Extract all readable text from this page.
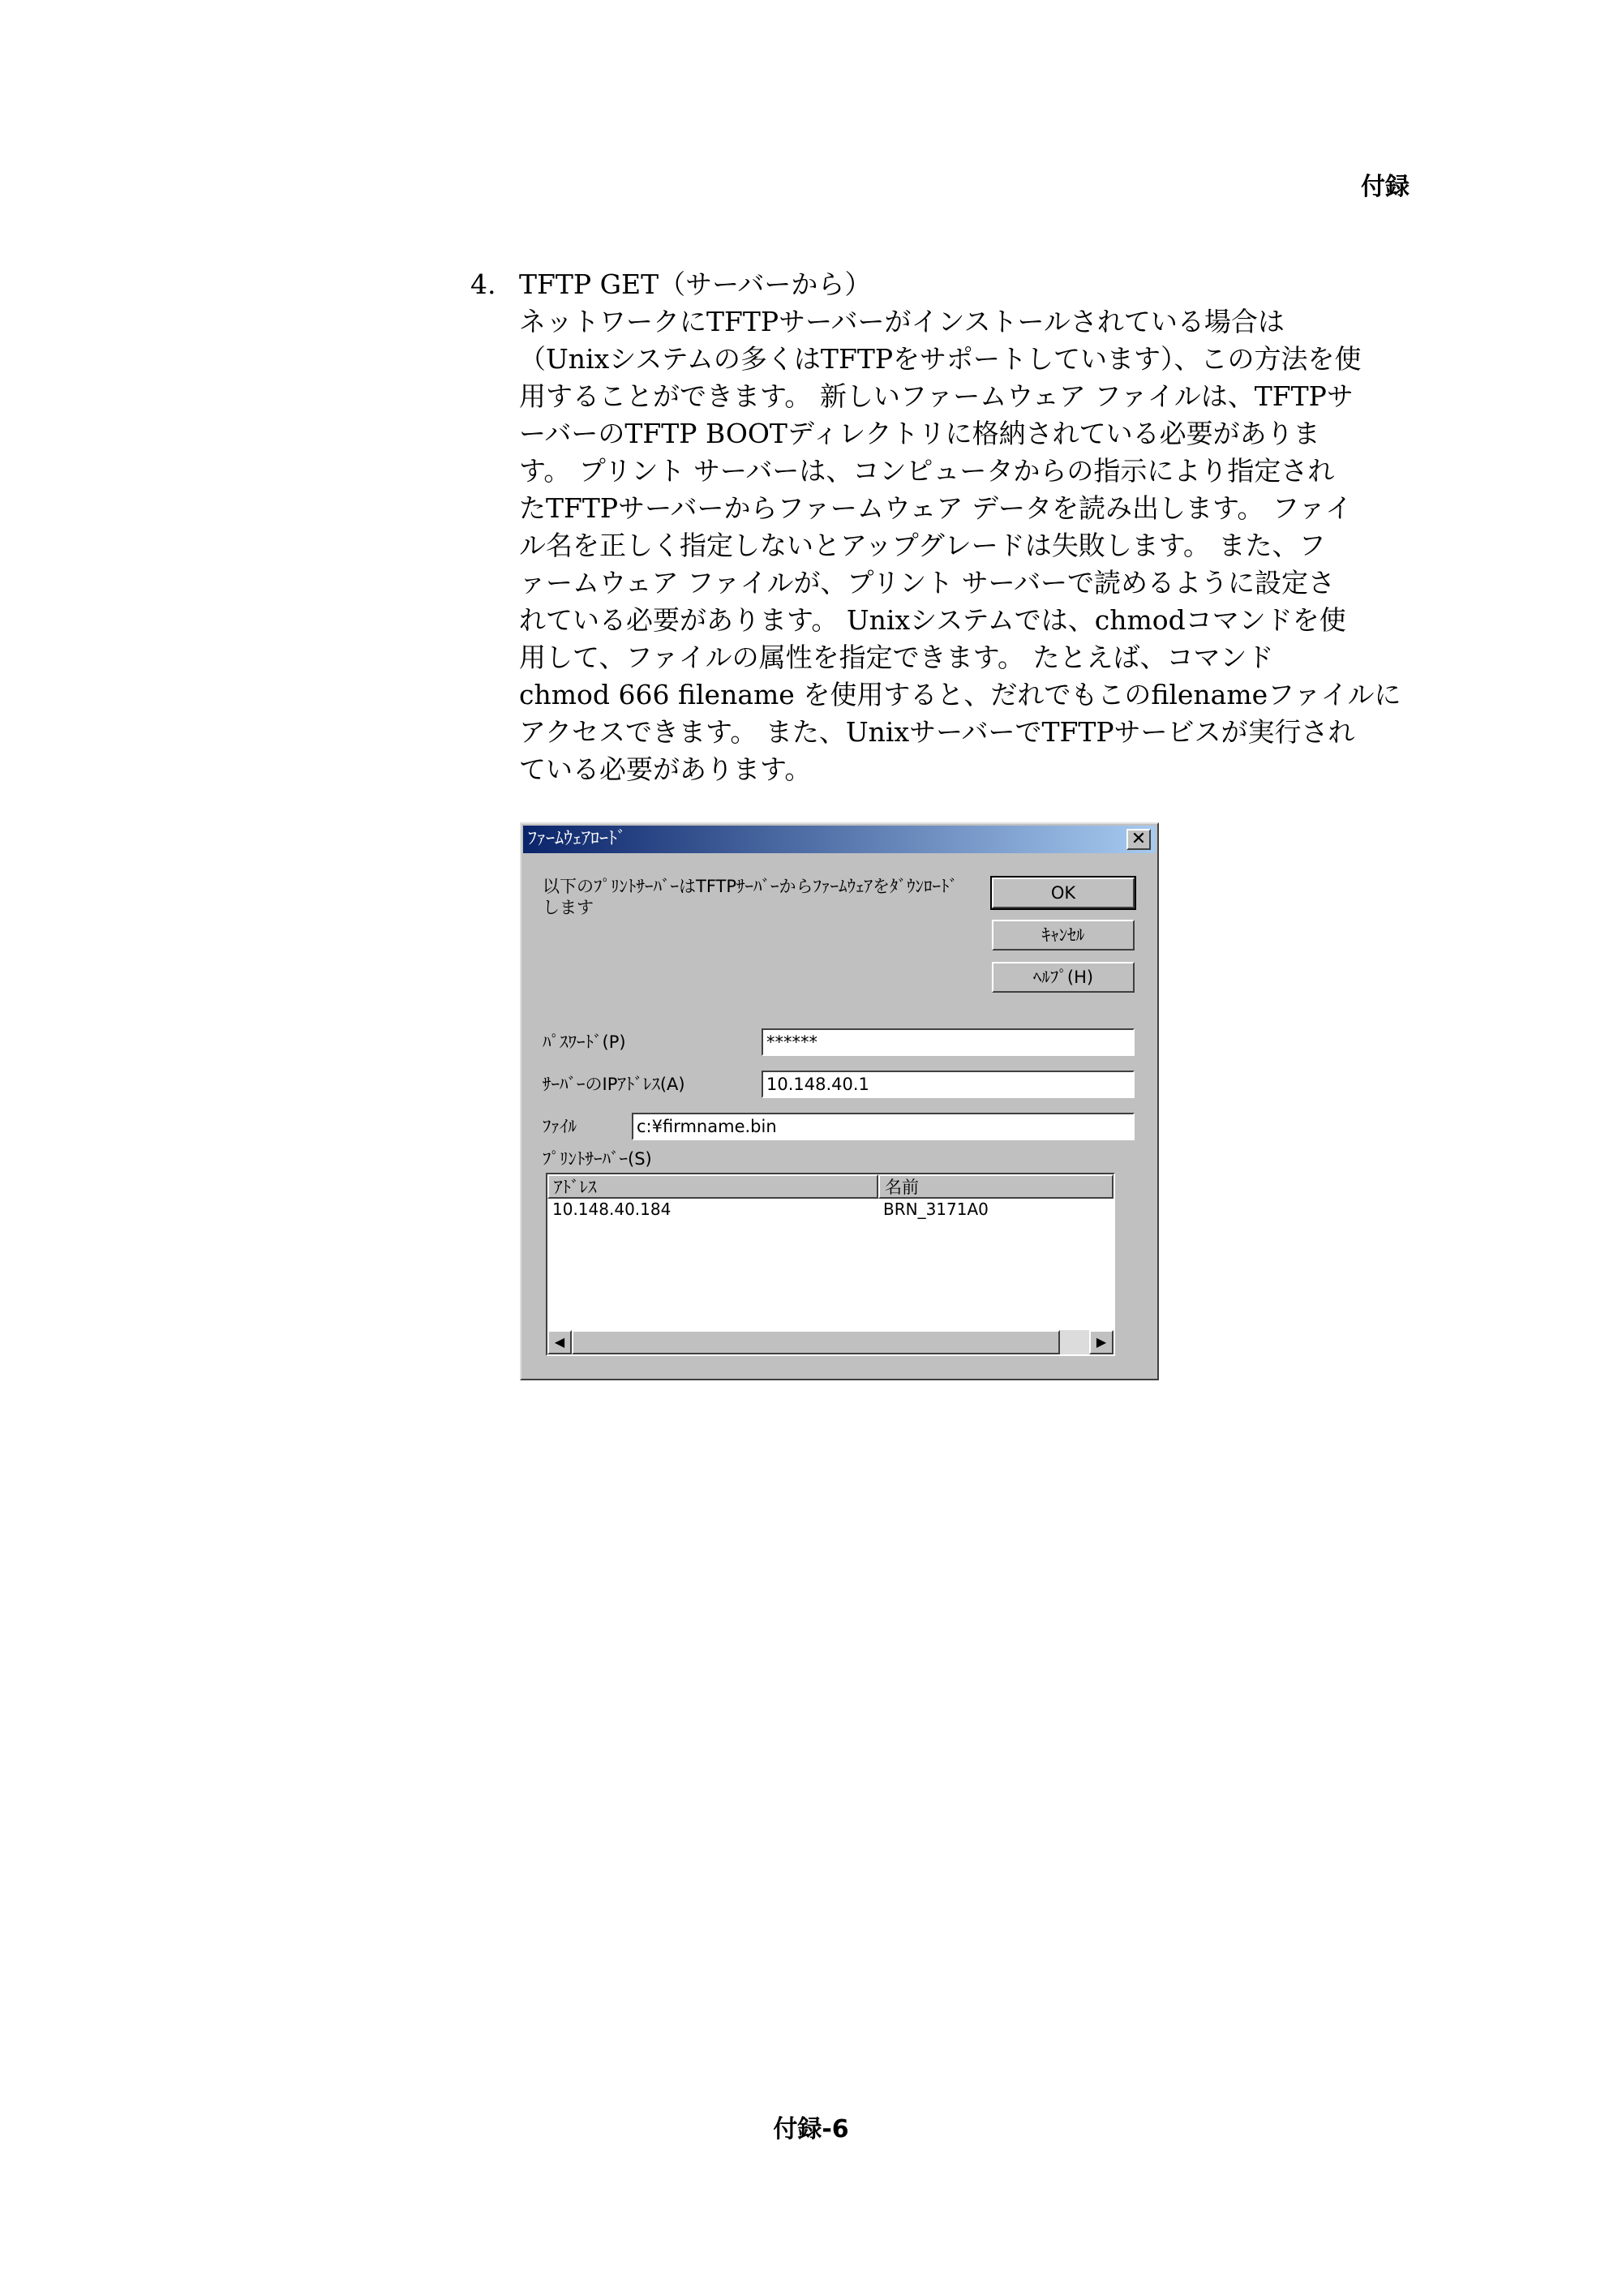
付録
4. TFTP GET（サーバーから）
ネットワークにTFTPサーバーがインストールされている場合は
（Unixシステムの多くはTFTPをサポートしています）、この方法を使
用することができます。 新しいファームウェア ファイルは、TFTPサ
ーバーのTFTP BOOTディレクトリに格納されている必要がありま
す。 プリント サーバーは、コンピュータからの指示により指定され
たTFTPサーバーからファームウェア データを読み出します。 ファイ
ル名を正しく指定しないとアップグレードは失敗します。 また、フ
ァームウェア ファイルが、プリント サーバーで読めるように設定さ
れている必要があります。 Unixシステムでは、chmodコマンドを使
用して、ファイルの属性を指定できます。 たとえば、コマンド
chmod 666 filename を使用すると、だれでもこのfilenameファイルに
アクセスできます。 また、UnixサーバーでTFTPサービスが実行され
ている必要があります。
ﾌｧｰﾑｳｪｱﾛｰﾄﾞ	✕
以下のﾌﾟﾘﾝﾄｻｰﾊﾞｰはTFTPｻｰﾊﾞｰからﾌｧｰﾑｳｪｱをﾀﾞｳﾝﾛｰﾄﾞします
OK
ｷｬﾝｾﾙ
ﾍﾙﾌﾟ(H)
ﾊﾟｽﾜｰﾄﾞ(P)	******
ｻｰﾊﾞｰのIPｱﾄﾞﾚｽ(A)	10.148.40.1
ﾌｧｲﾙ	c:¥firmname.bin
ﾌﾟﾘﾝﾄｻｰﾊﾞｰ(S)
ｱﾄﾞﾚｽ	名前
10.148.40.184	BRN_3171A0
◀	▶
付録-6
